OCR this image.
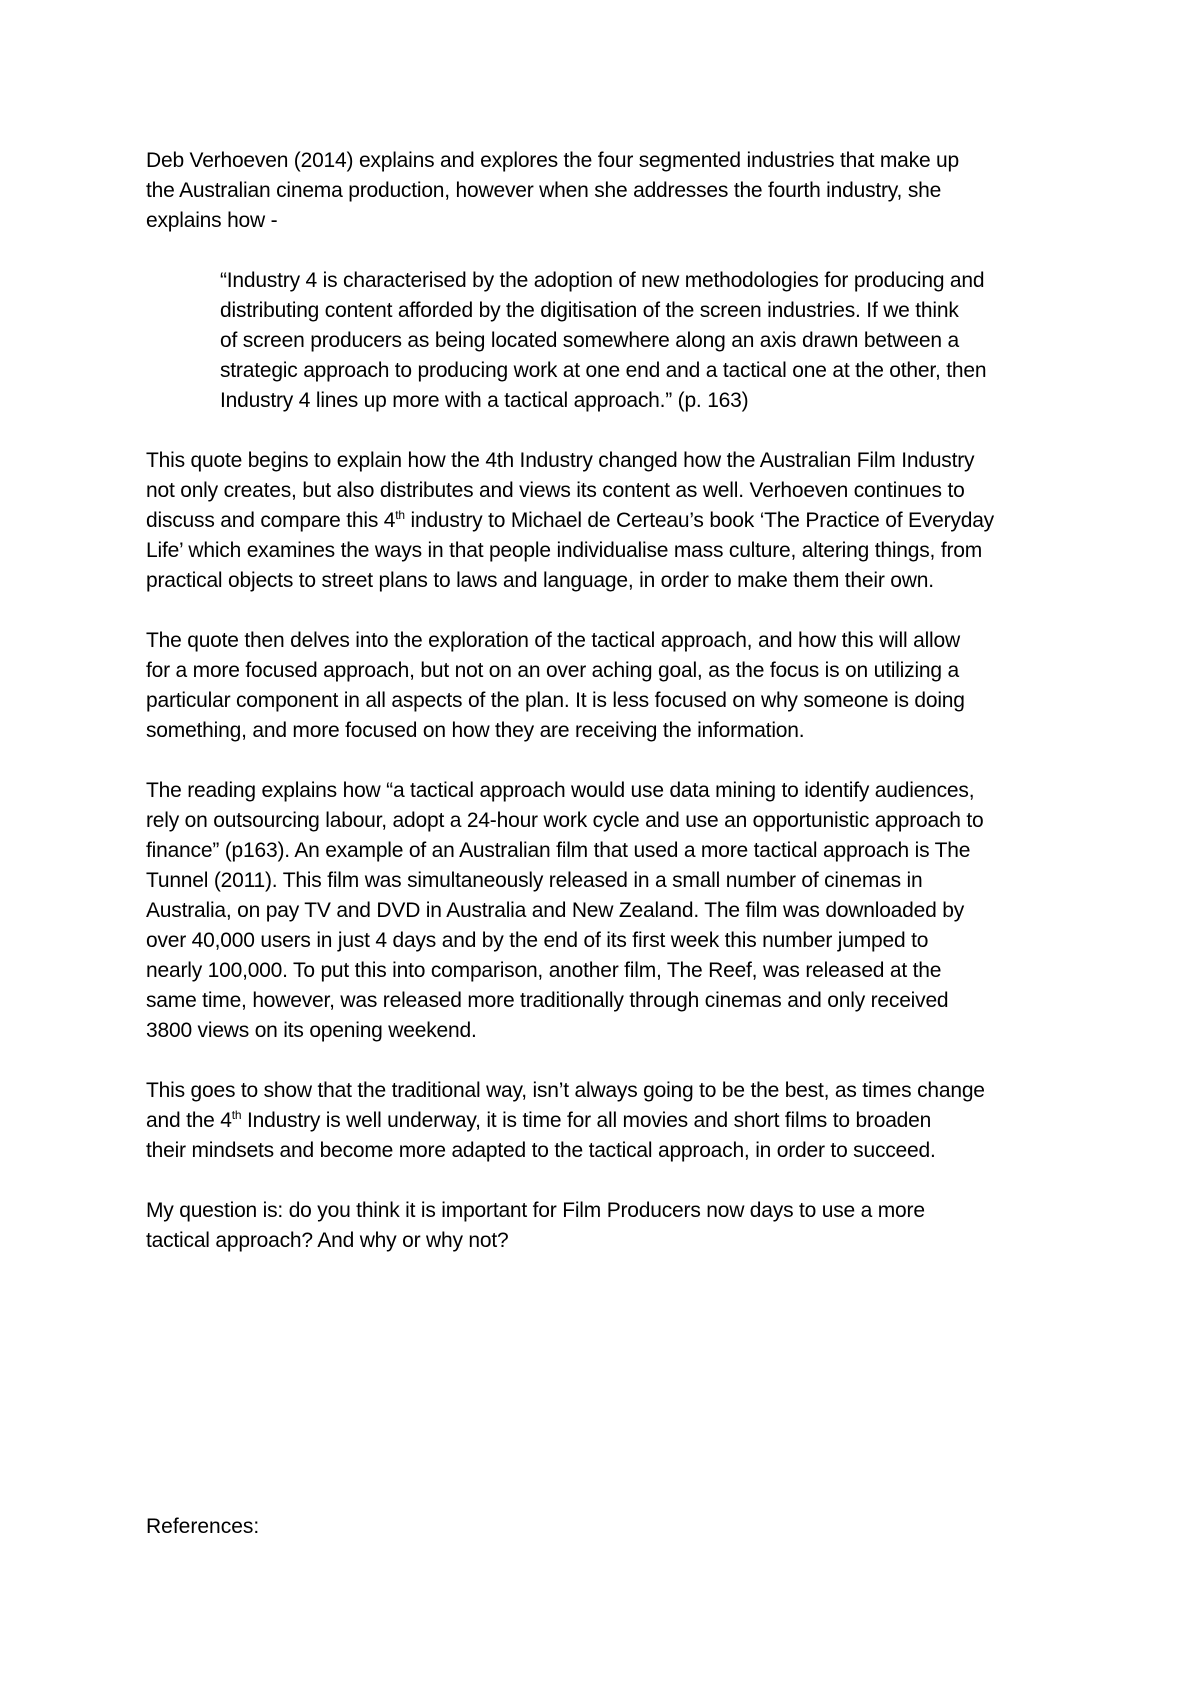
Deb Verhoeven (2014) explains and explores the four segmented industries that make up
the Australian cinema production, however when she addresses the fourth industry, she
explains how -

“Industry 4 is characterised by the adoption of new methodologies for producing and
distributing content afforded by the digitisation of the screen industries. If we think
of screen producers as being located somewhere along an axis drawn between a
strategic approach to producing work at one end and a tactical one at the other, then
Industry 4 lines up more with a tactical approach.” (p. 163)

This quote begins to explain how the 4th Industry changed how the Australian Film Industry
not only creates, but also distributes and views its content as well. Verhoeven continues to
discuss and compare this 4th industry to Michael de Certeau’s book ‘The Practice of Everyday
Life’ which examines the ways in that people individualise mass culture, altering things, from
practical objects to street plans to laws and language, in order to make them their own.

The quote then delves into the exploration of the tactical approach, and how this will allow
for a more focused approach, but not on an over aching goal, as the focus is on utilizing a
particular component in all aspects of the plan. It is less focused on why someone is doing
something, and more focused on how they are receiving the information.

The reading explains how “a tactical approach would use data mining to identify audiences,
rely on outsourcing labour, adopt a 24-hour work cycle and use an opportunistic approach to
finance” (p163). An example of an Australian film that used a more tactical approach is The
Tunnel (2011). This film was simultaneously released in a small number of cinemas in
Australia, on pay TV and DVD in Australia and New Zealand. The film was downloaded by
over 40,000 users in just 4 days and by the end of its first week this number jumped to
nearly 100,000. To put this into comparison, another film, The Reef, was released at the
same time, however, was released more traditionally through cinemas and only received
3800 views on its opening weekend.

This goes to show that the traditional way, isn’t always going to be the best, as times change
and the 4th Industry is well underway, it is time for all movies and short films to broaden
their mindsets and become more adapted to the tactical approach, in order to succeed.

My question is: do you think it is important for Film Producers now days to use a more
tactical approach? And why or why not?

References:
